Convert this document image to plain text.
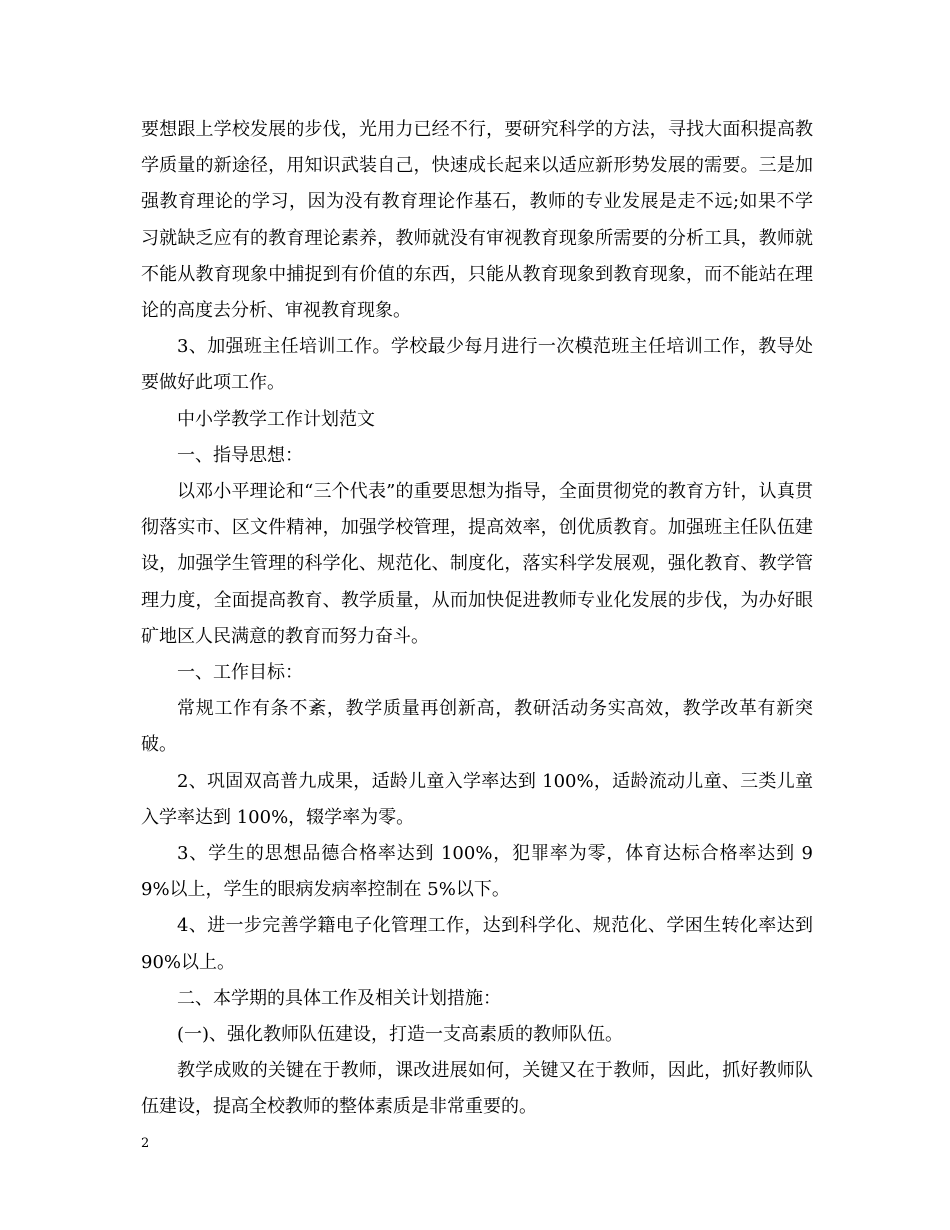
要想跟上学校发展的步伐，光用力已经不行，要研究科学的方法，寻找大面积提高教学质量的新途径，用知识武装自己，快速成长起来以适应新形势发展的需要。三是加强教育理论的学习，因为没有教育理论作基石，教师的专业发展是走不远;如果不学习就缺乏应有的教育理论素养，教师就没有审视教育现象所需要的分析工具，教师就不能从教育现象中捕捉到有价值的东西，只能从教育现象到教育现象，而不能站在理论的高度去分析、审视教育现象。

3、加强班主任培训工作。学校最少每月进行一次模范班主任培训工作，教导处要做好此项工作。

中小学教学工作计划范文

一、指导思想：

以邓小平理论和“三个代表”的重要思想为指导，全面贯彻党的教育方针，认真贯彻落实市、区文件精神，加强学校管理，提高效率，创优质教育。加强班主任队伍建设，加强学生管理的科学化、规范化、制度化，落实科学发展观，强化教育、教学管理力度，全面提高教育、教学质量，从而加快促进教师专业化发展的步伐，为办好眼矿地区人民满意的教育而努力奋斗。

一、工作目标：

常规工作有条不紊，教学质量再创新高，教研活动务实高效，教学改革有新突破。

2、巩固双高普九成果，适龄儿童入学率达到 100%，适龄流动儿童、三类儿童入学率达到 100%，辍学率为零。

3、学生的思想品德合格率达到 100%，犯罪率为零，体育达标合格率达到 99%以上，学生的眼病发病率控制在 5%以下。

4、进一步完善学籍电子化管理工作，达到科学化、规范化、学困生转化率达到 90%以上。

二、本学期的具体工作及相关计划措施：

(一)、强化教师队伍建设，打造一支高素质的教师队伍。

教学成败的关键在于教师，课改进展如何，关键又在于教师，因此，抓好教师队伍建设，提高全校教师的整体素质是非常重要的。

2
